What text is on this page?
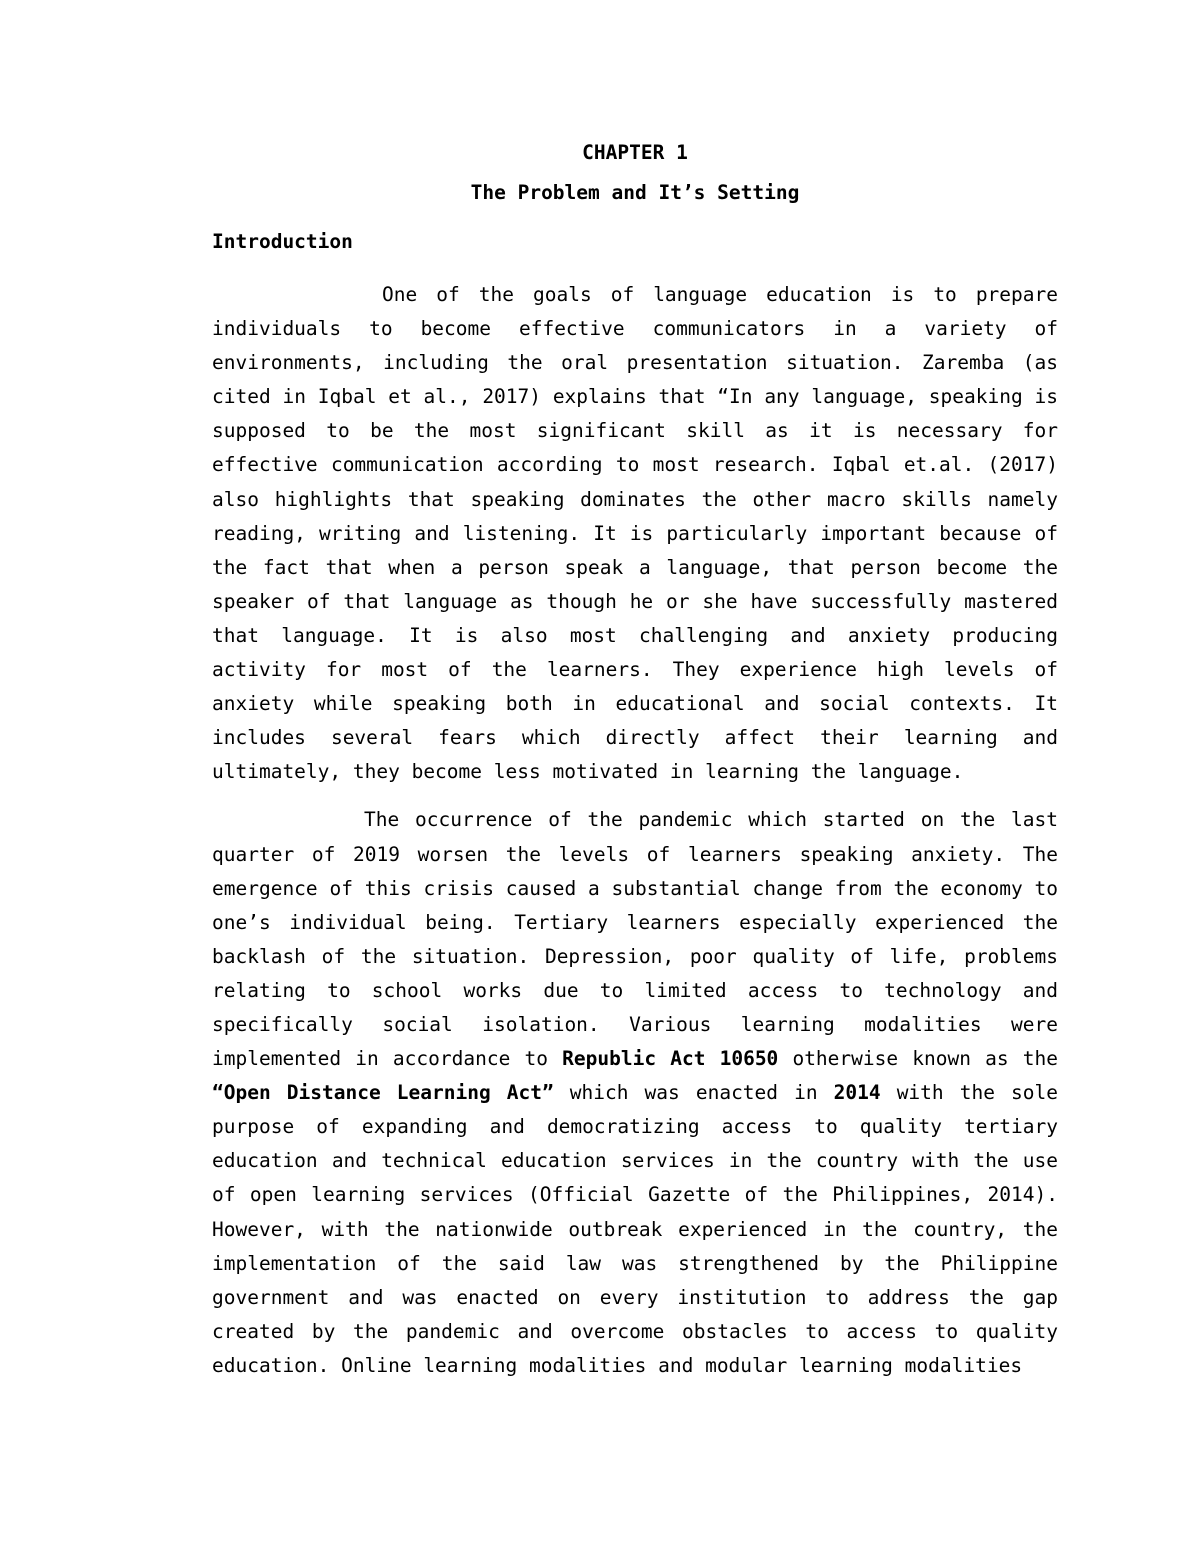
CHAPTER 1

The Problem and It’s Setting

Introduction

One of the goals of language education is to prepare individuals to become effective communicators in a variety of environments, including the oral presentation situation. Zaremba (as cited in Iqbal et al., 2017) explains that “In any language, speaking is supposed to be the most significant skill as it is necessary for effective communication according to most research. Iqbal et.al. (2017) also highlights that speaking dominates the other macro skills namely reading, writing and listening. It is particularly important because of the fact that when a person speak a language, that person become the speaker of that language as though he or she have successfully mastered that language. It is also most challenging and anxiety producing activity for most of the learners. They experience high levels of anxiety while speaking both in educational and social contexts. It includes several fears which directly affect their learning and ultimately, they become less motivated in learning the language.

The occurrence of the pandemic which started on the last quarter of 2019 worsen the levels of learners speaking anxiety. The emergence of this crisis caused a substantial change from the economy to one’s individual being. Tertiary learners especially experienced the backlash of the situation. Depression, poor quality of life, problems relating to school works due to limited access to technology and specifically social isolation. Various learning modalities were implemented in accordance to Republic Act 10650 otherwise known as the “Open Distance Learning Act” which was enacted in 2014 with the sole purpose of expanding and democratizing access to quality tertiary education and technical education services in the country with the use of open learning services (Official Gazette of the Philippines, 2014). However, with the nationwide outbreak experienced in the country, the implementation of the said law was strengthened by the Philippine government and was enacted on every institution to address the gap created by the pandemic and overcome obstacles to access to quality education. Online learning modalities and modular learning modalities
